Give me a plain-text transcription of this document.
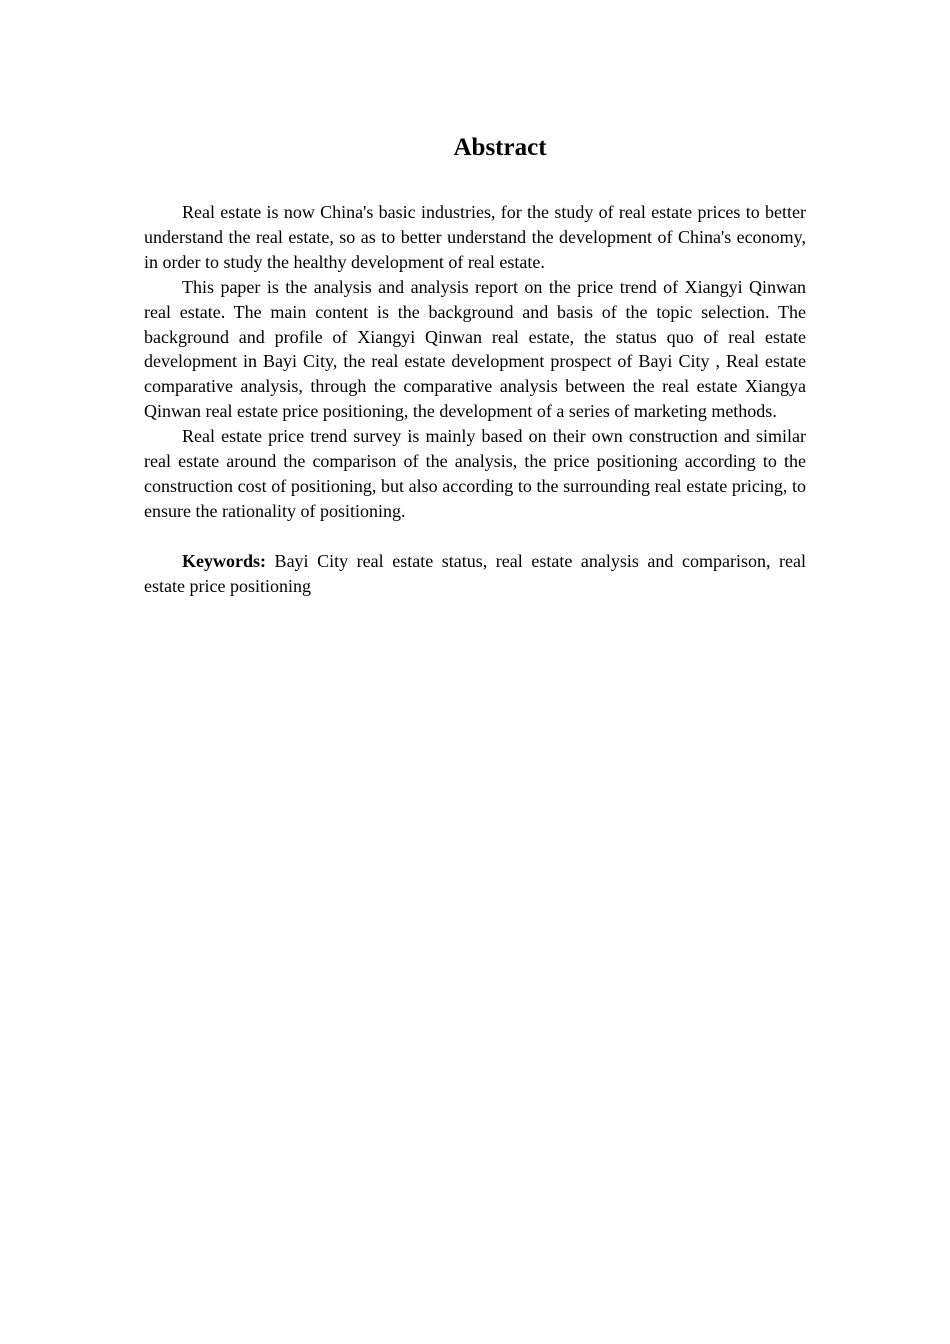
Abstract

Real estate is now China's basic industries, for the study of real estate prices to better understand the real estate, so as to better understand the development of China's economy, in order to study the healthy development of real estate.

This paper is the analysis and analysis report on the price trend of Xiangyi Qinwan real estate. The main content is the background and basis of the topic selection. The background and profile of Xiangyi Qinwan real estate, the status quo of real estate development in Bayi City, the real estate development prospect of Bayi City , Real estate comparative analysis, through the comparative analysis between the real estate Xiangya Qinwan real estate price positioning, the development of a series of marketing methods.

Real estate price trend survey is mainly based on their own construction and similar real estate around the comparison of the analysis, the price positioning according to the construction cost of positioning, but also according to the surrounding real estate pricing, to ensure the rationality of positioning.

Keywords: Bayi City real estate status, real estate analysis and comparison, real estate price positioning
